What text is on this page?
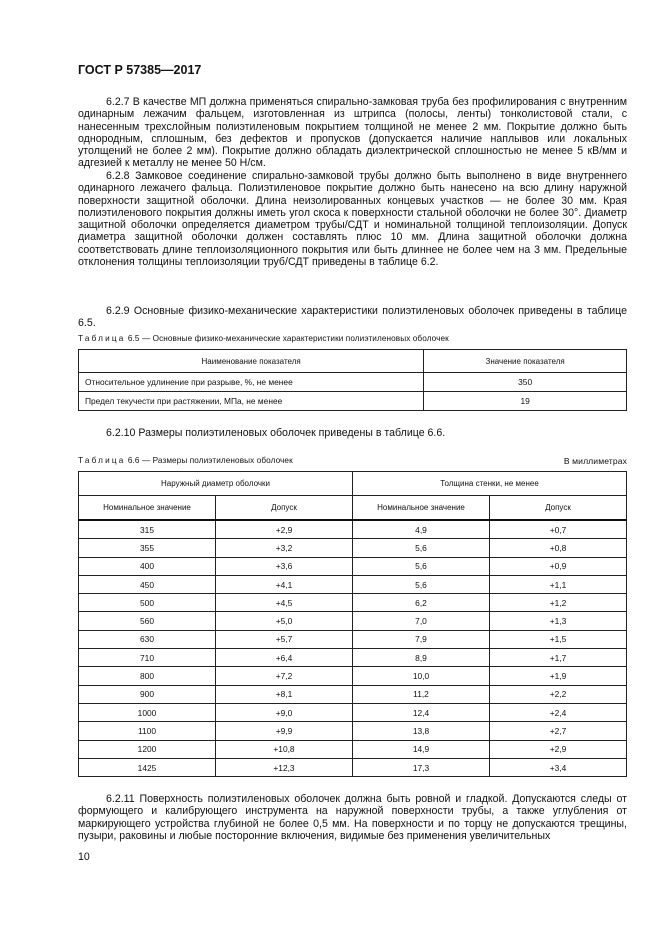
ГОСТ Р 57385—2017
6.2.7 В качестве МП должна применяться спирально-замковая труба без профилирования с внутренним одинарным лежачим фальцем, изготовленная из штрипса (полосы, ленты) тонколистовой стали, с нанесенным трехслойным полиэтиленовым покрытием толщиной не менее 2 мм. Покрытие должно быть однородным, сплошным, без дефектов и пропусков (допускается наличие наплывов или локальных утолщений не более 2 мм). Покрытие должно обладать диэлектрической сплошностью не менее 5 кВ/мм и адгезией к металлу не менее 50 Н/см.
6.2.8 Замковое соединение спирально-замковой трубы должно быть выполнено в виде внутреннего одинарного лежачего фальца. Полиэтиленовое покрытие должно быть нанесено на всю длину наружной поверхности защитной оболочки. Длина неизолированных концевых участков — не более 30 мм. Края полиэтиленового покрытия должны иметь угол скоса к поверхности стальной оболочки не более 30°. Диаметр защитной оболочки определяется диаметром трубы/СДТ и номинальной толщиной теплоизоляции. Допуск диаметра защитной оболочки должен составлять плюс 10 мм. Длина защитной оболочки должна соответствовать длине теплоизоляционного покрытия или быть длиннее не более чем на 3 мм. Предельные отклонения толщины теплоизоляции труб/СДТ приведены в таблице 6.2.
6.2.9 Основные физико-механические характеристики полиэтиленовых оболочек приведены в таблице 6.5.
Таблица 6.5 — Основные физико-механические характеристики полиэтиленовых оболочек
Наименование показателя	Значение показателя
Относительное удлинение при разрыве, %, не менее	350
Предел текучести при растяжении, МПа, не менее	19
6.2.10 Размеры полиэтиленовых оболочек приведены в таблице 6.6.
Таблица 6.6 — Размеры полиэтиленовых оболочек	В миллиметрах
Наружный диаметр оболочки		Толщина стенки, не менее	
Номинальное значение	Допуск	Номинальное значение	Допуск
315	+2,9	4,9	+0,7
355	+3,2	5,6	+0,8
400	+3,6	5,6	+0,9
450	+4,1	5,6	+1,1
500	+4,5	6,2	+1,2
560	+5,0	7,0	+1,3
630	+5,7	7,9	+1,5
710	+6,4	8,9	+1,7
800	+7,2	10,0	+1,9
900	+8,1	11,2	+2,2
1000	+9,0	12,4	+2,4
1100	+9,9	13,8	+2,7
1200	+10,8	14,9	+2,9
1425	+12,3	17,3	+3,4
6.2.11 Поверхность полиэтиленовых оболочек должна быть ровной и гладкой. Допускаются следы от формующего и калибрующего инструмента на наружной поверхности трубы, а также углубления от маркирующего устройства глубиной не более 0,5 мм. На поверхности и по торцу не допускаются трещины, пузыри, раковины и любые посторонние включения, видимые без применения увеличительных
10
